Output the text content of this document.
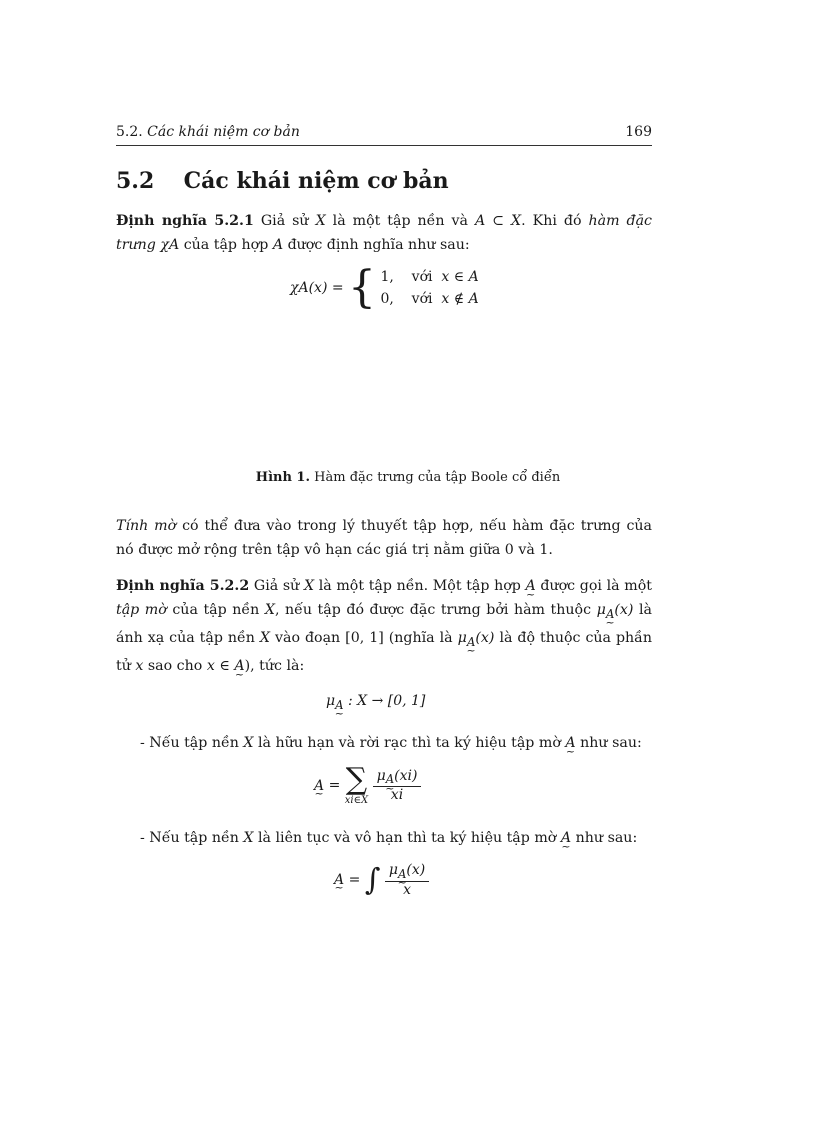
5.2. Các khái niệm cơ bản	169
5.2 Các khái niệm cơ bản
Định nghĩa 5.2.1 Giả sử X là một tập nền và A ⊂ X. Khi đó hàm đặc trưng χA của tập hợp A được định nghĩa như sau:
χA(x) = { 1, với x ∈ A
0, với x ∉ A
Hình 1. Hàm đặc trưng của tập Boole cổ điển
Tính mờ có thể đưa vào trong lý thuyết tập hợp, nếu hàm đặc trưng của nó được mở rộng trên tập vô hạn các giá trị nằm giữa 0 và 1.
Định nghĩa 5.2.2 Giả sử X là một tập nền. Một tập hợp A ~ được gọi là một tập mờ của tập nền X, nếu tập đó được đặc trưng bởi hàm thuộc $\mu_A$ ~(x) là ánh xạ của tập nền X vào đoạn [0, 1] (nghĩa là $\mu_A$ ~(x) là độ thuộc của phần tử x sao cho x ∈ A ~), tức là:
$\mu_A$ ~ : X → [0, 1]
- Nếu tập nền X là hữu hạn và rời rạc thì ta ký hiệu tập mờ A ~ như sau:
A ~ = ∑
xi∈X
$\frac{\mu_A \sim(xi)}{xi}$
- Nếu tập nền X là liên tục và vô hạn thì ta ký hiệu tập mờ A ~ như sau:
A ~ = ∫ $\frac{\mu_A \sim(x)}{x}$
